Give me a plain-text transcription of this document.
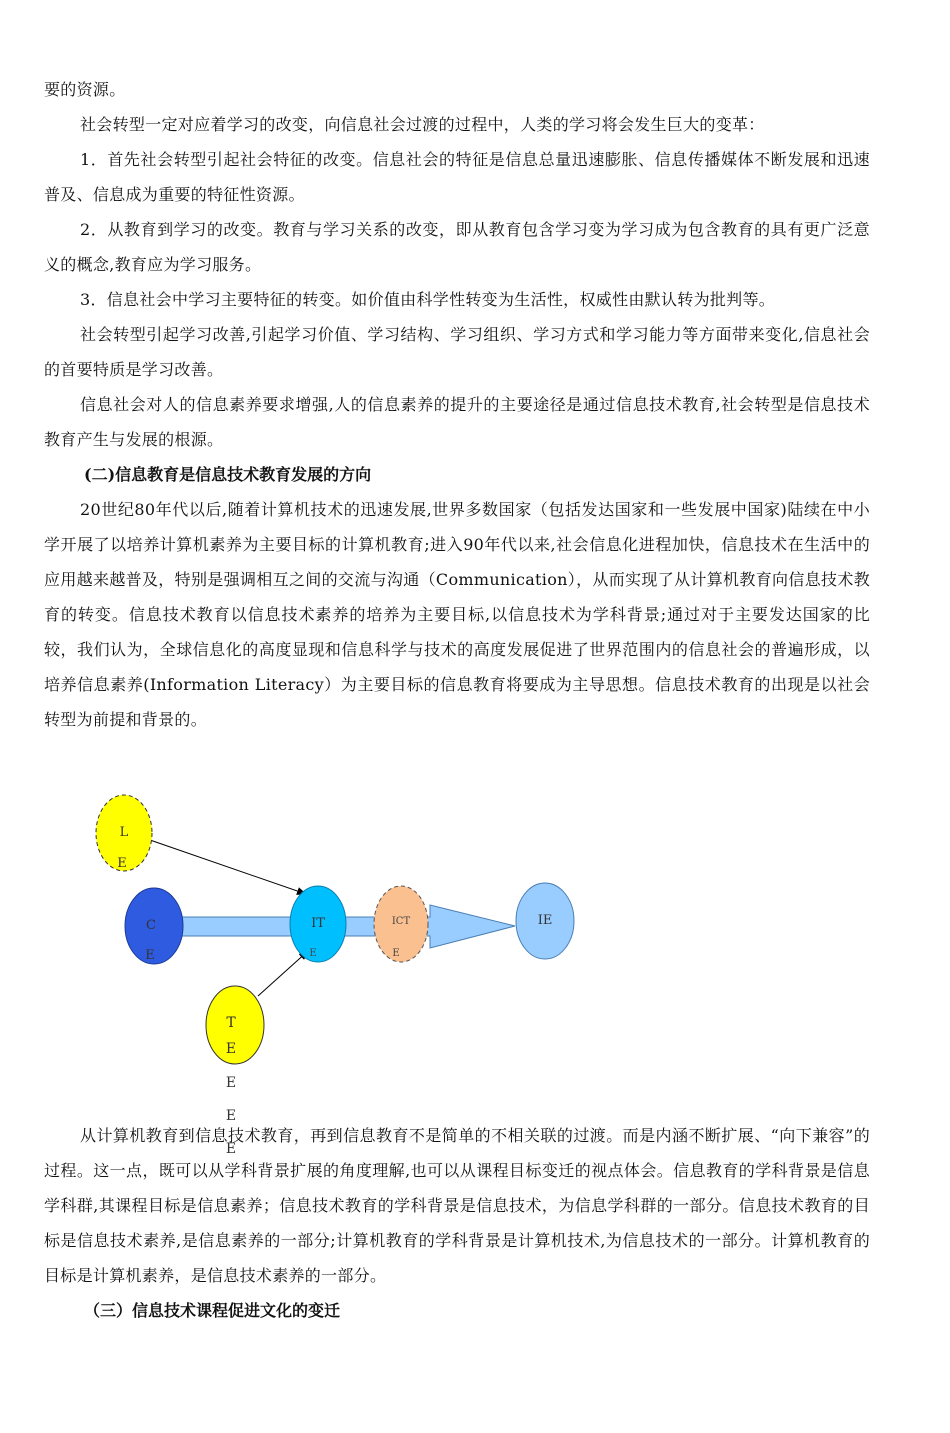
要的资源。

社会转型一定对应着学习的改变，向信息社会过渡的过程中，人类的学习将会发生巨大的变革：

1．首先社会转型引起社会特征的改变。信息社会的特征是信息总量迅速膨胀、信息传播媒体不断发展和迅速普及、信息成为重要的特征性资源。

2．从教育到学习的改变。教育与学习关系的改变，即从教育包含学习变为学习成为包含教育的具有更广泛意义的概念,教育应为学习服务。

3．信息社会中学习主要特征的转变。如价值由科学性转变为生活性，权威性由默认转为批判等。

社会转型引起学习改善,引起学习价值、学习结构、学习组织、学习方式和学习能力等方面带来变化,信息社会的首要特质是学习改善。

信息社会对人的信息素养要求增强,人的信息素养的提升的主要途径是通过信息技术教育,社会转型是信息技术教育产生与发展的根源。

(二)信息教育是信息技术教育发展的方向

20世纪80年代以后,随着计算机技术的迅速发展,世界多数国家（包括发达国家和一些发展中国家)陆续在中小学开展了以培养计算机素养为主要目标的计算机教育;进入90年代以来,社会信息化进程加快，信息技术在生活中的应用越来越普及，特别是强调相互之间的交流与沟通（Communication），从而实现了从计算机教育向信息技术教育的转变。信息技术教育以信息技术素养的培养为主要目标,以信息技术为学科背景;通过对于主要发达国家的比较，我们认为，全球信息化的高度显现和信息科学与技术的高度发展促进了世界范围内的信息社会的普遍形成，以培养信息素养(Information Literacy）为主要目标的信息教育将要成为主导思想。信息技术教育的出现是以社会转型为前提和背景的。

L
E
C
E
IT
E
ICT
E
IE
T
E
E
E
E

从计算机教育到信息技术教育，再到信息教育不是简单的不相关联的过渡。而是内涵不断扩展、“向下兼容”的过程。这一点，既可以从学科背景扩展的角度理解,也可以从课程目标变迁的视点体会。信息教育的学科背景是信息学科群,其课程目标是信息素养；信息技术教育的学科背景是信息技术，为信息学科群的一部分。信息技术教育的目标是信息技术素养,是信息素养的一部分;计算机教育的学科背景是计算机技术,为信息技术的一部分。计算机教育的目标是计算机素养，是信息技术素养的一部分。

（三）信息技术课程促进文化的变迁
